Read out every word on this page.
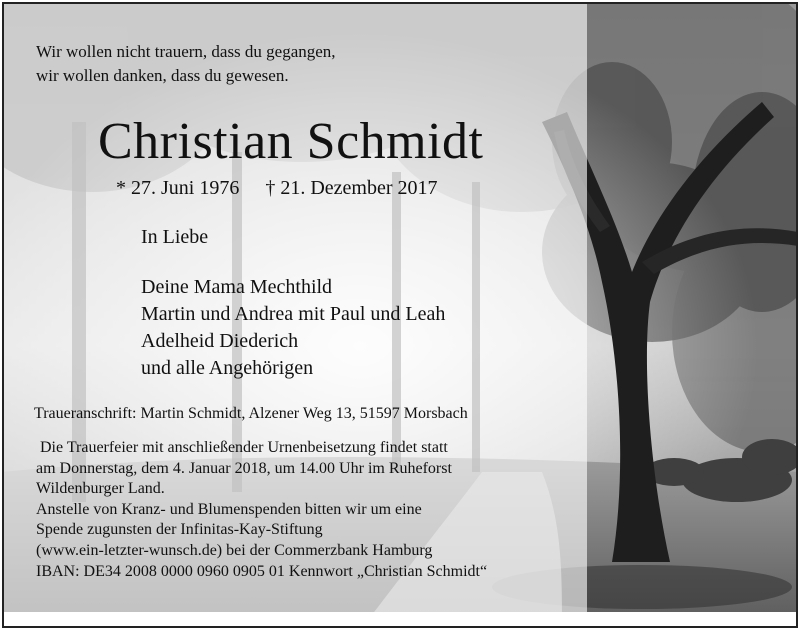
Wir wollen nicht trauern, dass du gegangen,
wir wollen danken, dass du gewesen.
Christian Schmidt
* 27. Juni 1976 † 21. Dezember 2017
In Liebe
Deine Mama Mechthild
Martin und Andrea mit Paul und Leah
Adelheid Diederich
und alle Angehörigen
Traueranschrift: Martin Schmidt, Alzener Weg 13, 51597 Morsbach
Die Trauerfeier mit anschließender Urnenbeisetzung findet statt
am Donnerstag, dem 4. Januar 2018, um 14.00 Uhr im Ruheforst
Wildenburger Land.
Anstelle von Kranz- und Blumenspenden bitten wir um eine
Spende zugunsten der Infinitas-Kay-Stiftung
(www.ein-letzter-wunsch.de) bei der Commerzbank Hamburg
IBAN: DE34 2008 0000 0960 0905 01 Kennwort „Christian Schmidt“
